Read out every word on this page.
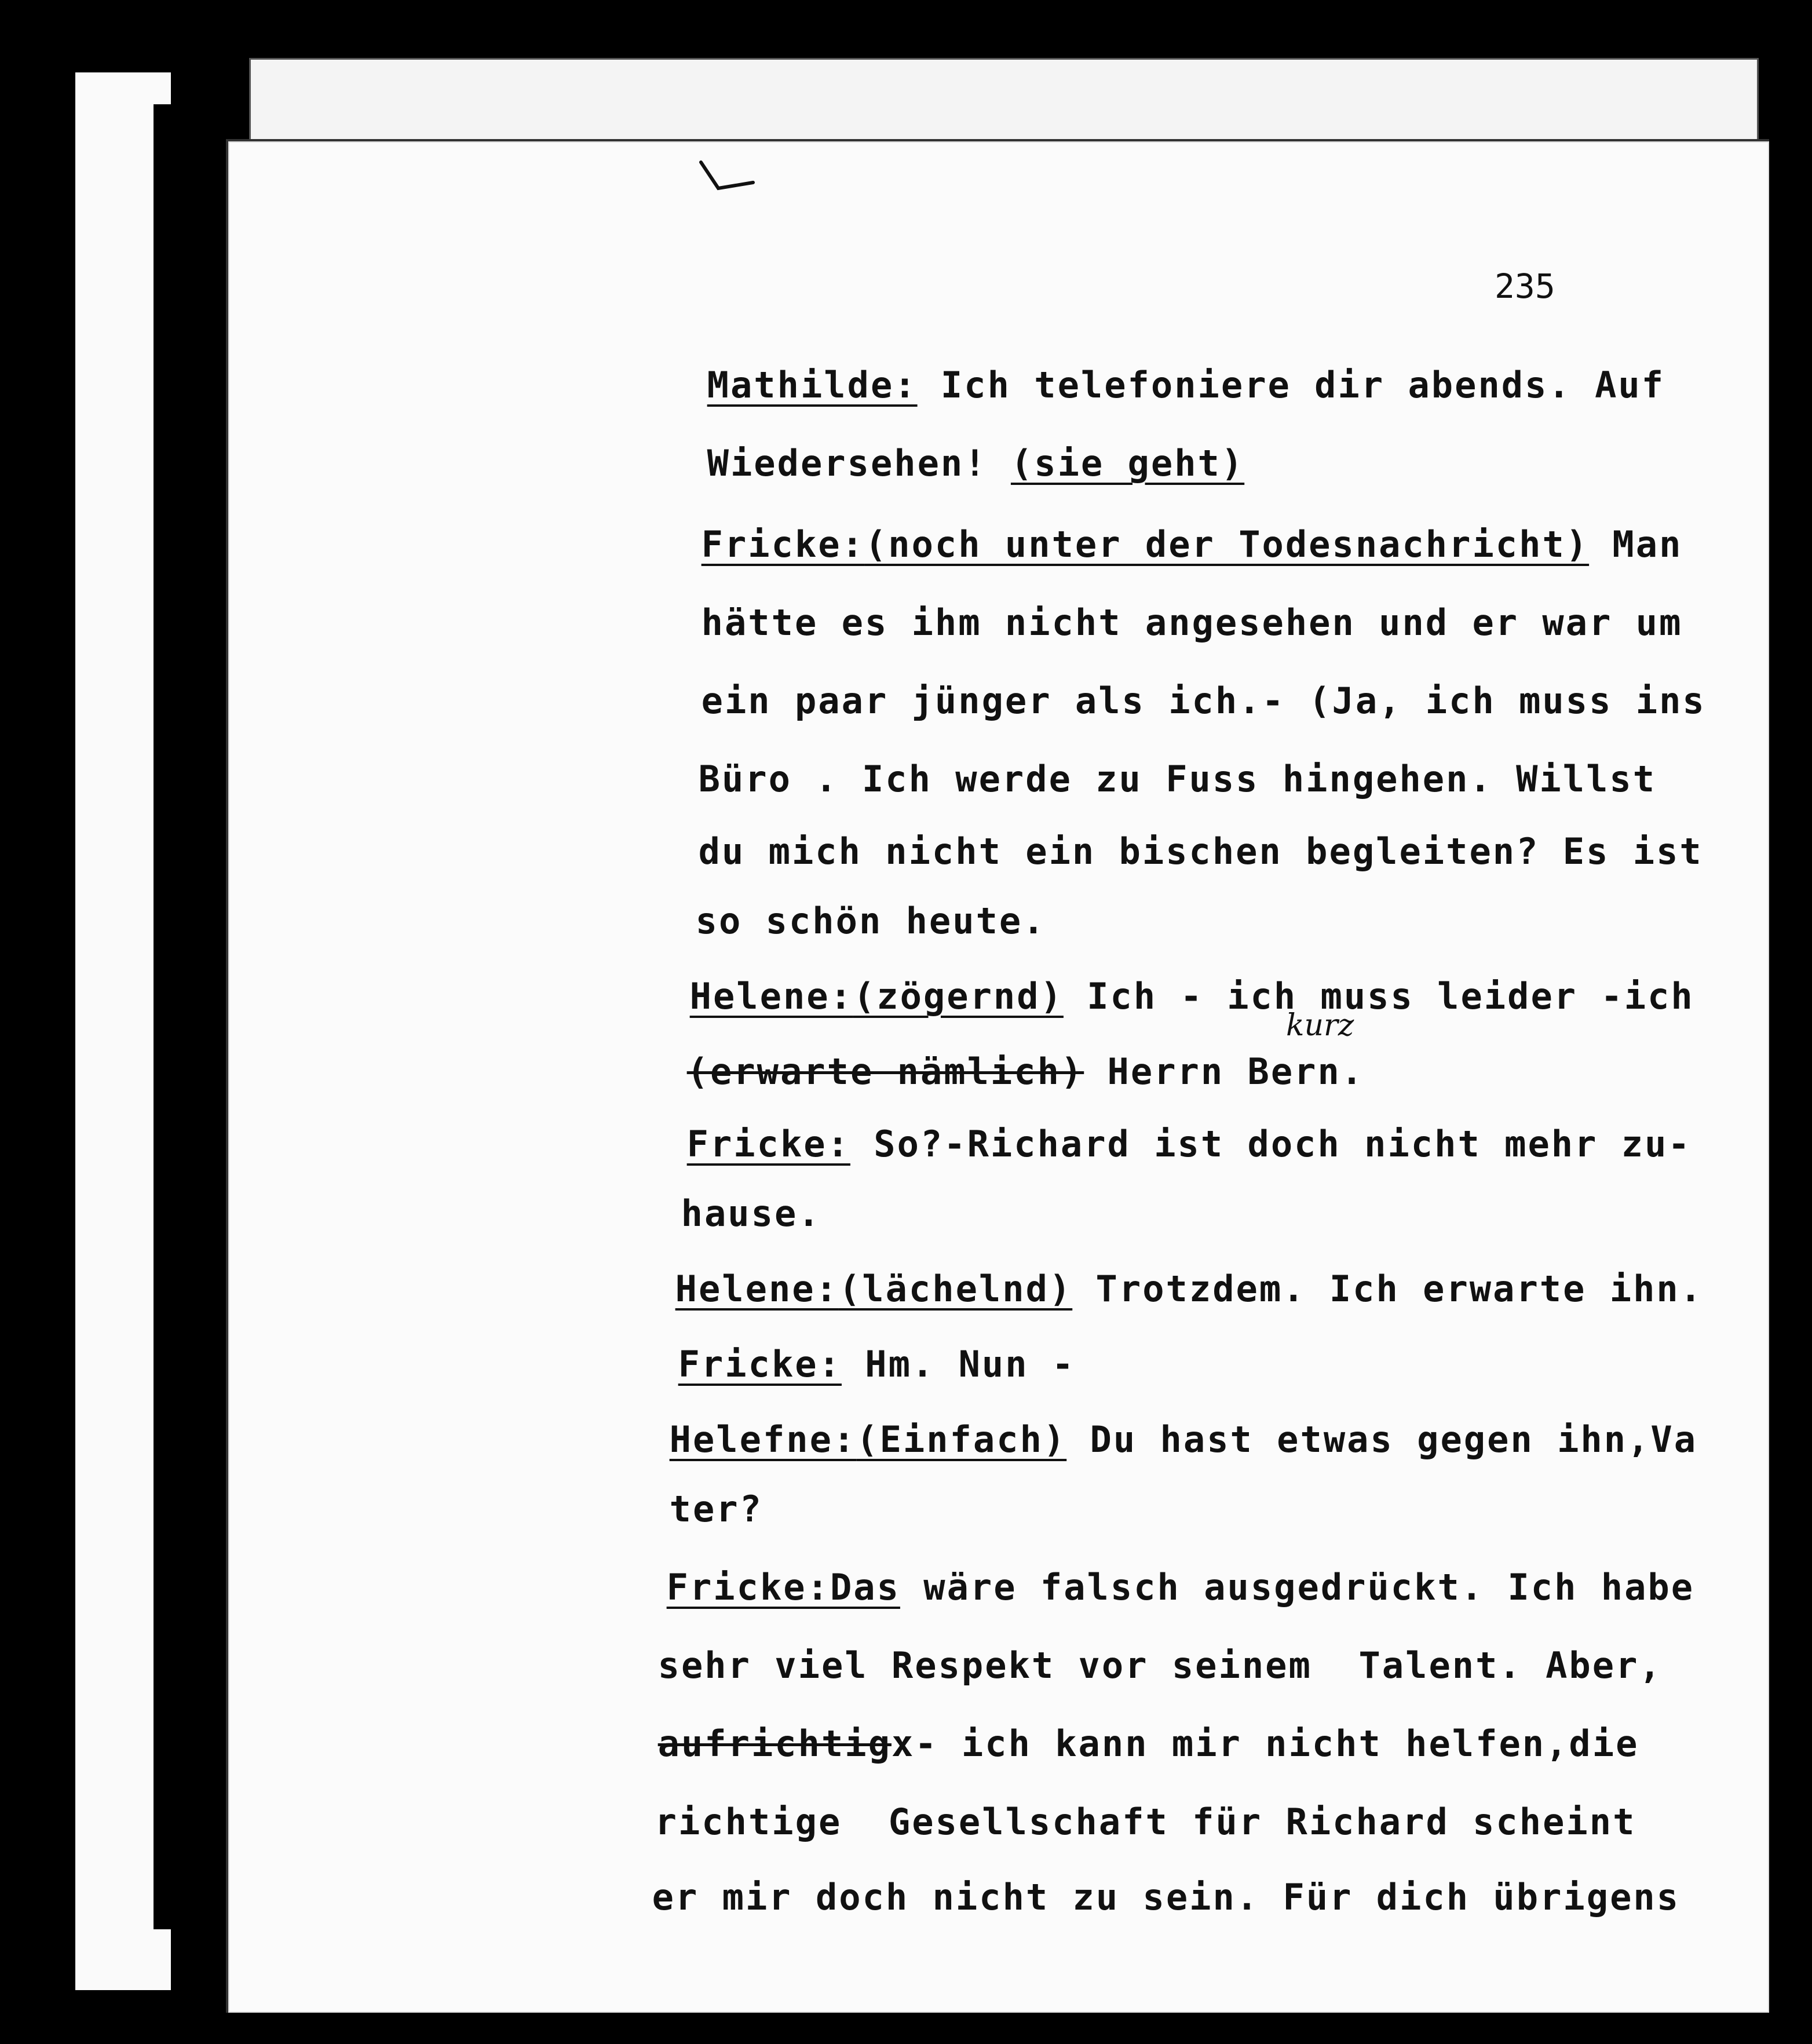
235

Mathilde: Ich telefoniere dir abends. Auf

Wiedersehen! (sie geht)

Fricke:(noch unter der Todesnachricht) Man

hätte es ihm nicht angesehen und er war um

ein paar jünger als ich.- (Ja, ich muss ins

Büro . Ich werde zu Fuss hingehen. Willst

du mich nicht ein bischen begleiten? Es ist

so schön heute.

Helene:(zögernd) Ich - ich muss leider -ich

(erwarte nämlich) Herrn Bern.

Fricke: So?-Richard ist doch nicht mehr zu-

hause.

Helene:(lächelnd) Trotzdem. Ich erwarte ihn.

Fricke: Hm. Nun -

Helefne:(Einfach) Du hast etwas gegen ihn,Va

ter?

Fricke:Das wäre falsch ausgedrückt. Ich habe

sehr viel Respekt vor seinem  Talent. Aber,

aufrichtigx- ich kann mir nicht helfen,die

richtige  Gesellschaft für Richard scheint

er mir doch nicht zu sein. Für dich übrigens

kurz
